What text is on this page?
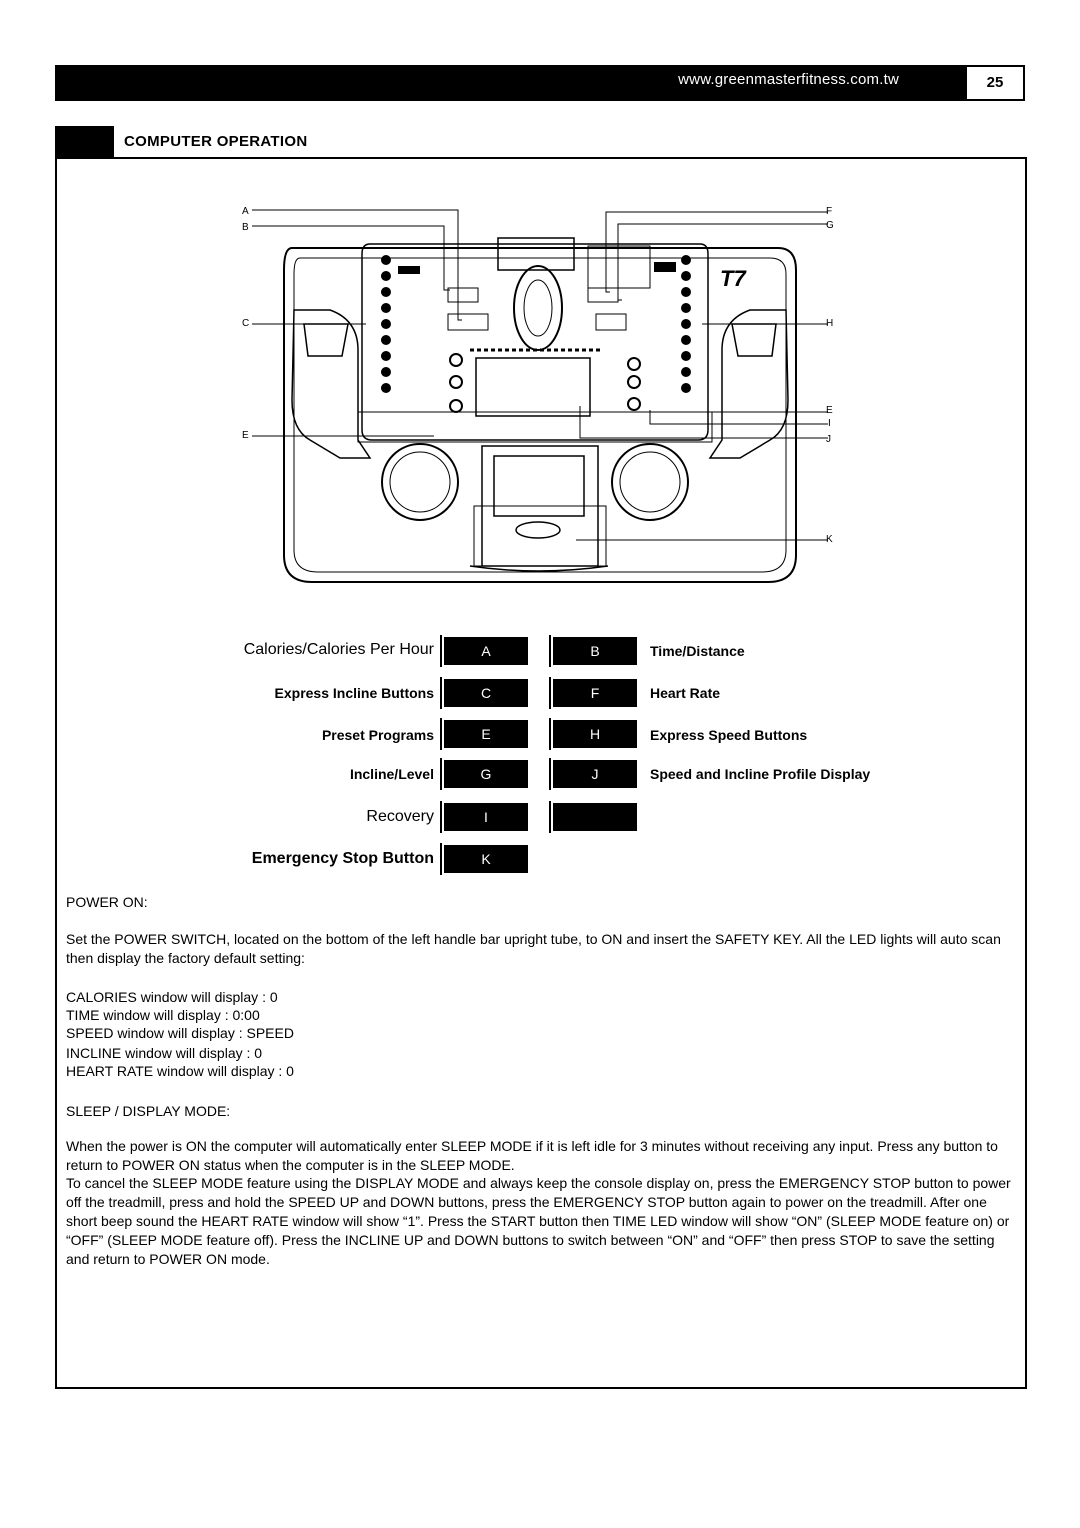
www.greenmasterfitness.com.tw	25
COMPUTER OPERATION
T7
A
B
C
E
F
G
H
E
I
J
K
Calories/Calories Per Hour	A	B	Time/Distance
Express Incline Buttons	C	F	Heart Rate
Preset Programs	E	H	Express Speed Buttons
Incline/Level	G	J	Speed and Incline Profile Display
Recovery	I
Emergency Stop Button	K
POWER ON:
Set the POWER SWITCH, located on the bottom of the left handle bar upright tube, to ON and insert the SAFETY KEY. All the LED lights will auto scan then display the factory default setting:
CALORIES window will display : 0
TIME window will display : 0:00
SPEED window will display : SPEED
INCLINE window will display : 0
HEART RATE window will display : 0
SLEEP / DISPLAY MODE:
When the power is ON the computer will automatically enter SLEEP MODE if it is left idle for 3 minutes without receiving any input. Press any button to return to POWER ON status when the computer is in the SLEEP MODE.
To cancel the SLEEP MODE feature using the DISPLAY MODE and always keep the console display on, press the EMERGENCY STOP button to power off the treadmill, press and hold the SPEED UP and DOWN buttons, press the EMERGENCY STOP button again to power on the treadmill. After one short beep sound the HEART RATE window will show “1”. Press the START button then TIME LED window will show “ON” (SLEEP MODE feature on) or “OFF” (SLEEP MODE feature off). Press the INCLINE UP and DOWN buttons to switch between “ON” and “OFF” then press STOP to save the setting and return to POWER ON mode.
